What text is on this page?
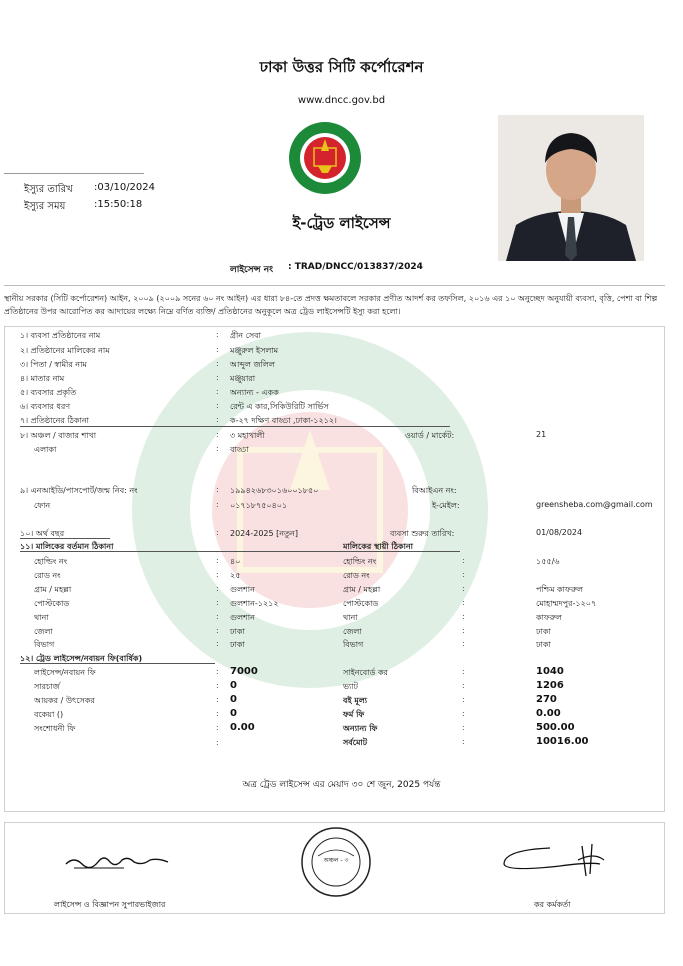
ঢাকা উত্তর সিটি কর্পোরেশন
www.dncc.gov.bd
ইস্যুর তারিখ :03/10/2024
ইস্যুর সময়	:15:50:18
ই-ট্রেড লাইসেন্স
লাইসেন্স নং : TRAD/DNCC/013837/2024
স্থানীয় সরকার (সিটি কর্পোরেশন) আইন, ২০০৯ (২০০৯ সনের ৬০ নং আইন) এর ধারা ৮৪-তে প্রদত্ত ক্ষমতাবলে সরকার প্রণীত আদর্শ কর তফসিল, ২০১৬ এর ১০ অনুচ্ছেদ অনুযায়ী ব্যবসা, বৃত্তি, পেশা বা শিল্প প্রতিষ্ঠানের উপর আরোপিত কর আদায়ের লক্ষ্যে নিম্নে বর্ণিত ব্যক্তি/ প্রতিষ্ঠানের অনুকূলে অত্র ট্রেড লাইসেন্সটি ইস্যু করা হলো।
১। ব্যবসা প্রতিষ্ঠানের নাম	: গ্রীন সেবা
২। প্রতিষ্ঠানের মালিকের নাম	: মঞ্জুরুল ইসলাম
৩। পিতা / স্বামীর নাম	: আব্দুল জলিল
৪। মাতার নাম	: মঞ্জুয়ারা
৫। ব্যবসার প্রকৃতি	: অন্যান্য - একক
৬। ব্যবসার ধরণ	: রেন্ট এ কার,সিকিউরিটি সার্ভিস
৭। প্রতিষ্ঠানের ঠিকানা	: ক-২৭ দক্ষিণ বাড্ডা ,ঢাকা-১২১২।
৮। অঞ্চল / বাজার শাখা	: ৩ মহাখালী	ওয়ার্ড / মার্কেট:	21
এলাকা	: বাড্ডা
৯। এনআইডি/পাসপোর্ট/জন্ম নিব: নং	: ১৯৯৪২৬৮৩০১৬০০১৮৫০	বিআইএন নং:
ফোন	: ০১৭১৮৭৫০৪০১	ই-মেইল:	greensheba.com@gmail.com
১০। অর্থ বছর	: 2024-2025 [নতুন]	ব্যবসা শুরুর তারিখ:	01/08/2024
১১। মালিকের বর্তমান ঠিকানা	মালিকের স্থায়ী ঠিকানা
হোল্ডিং নং	: ৪০	হোল্ডিং নং	:	১৫৫/৬
রোড নং	: ২৫	রোড নং	:
গ্রাম / মহল্লা	: গুলশান	গ্রাম / মহল্লা	:	পশ্চিম কাফরুল
পোস্টকোড	: গুলশান-১২১২	পোস্টকোড	:	মোহাম্মদপুর-১২০৭
থানা	: গুলশান	থানা	:	কাফরুল
জেলা	: ঢাকা	জেলা	:	ঢাকা
বিভাগ	: ঢাকা	বিভাগ	:	ঢাকা
১২। ট্রেড লাইসেন্স/নবায়ন ফি(বার্ষিক)
লাইসেন্স/নবায়ন ফি	: 7000	সাইনবোর্ড কর	:	1040
সারচার্জ	: 0	ভ্যাট	:	1206
আয়কর / উৎসেকর	: 0	বই মূল্য	:	270
বকেয়া ()	: 0	ফর্ম ফি	:	0.00
সংশোধনী ফি	: 0.00	অন্যান্য ফি	:	500.00
:	সর্বমোট	:	10016.00
অত্র ট্রেড লাইসেন্স এর মেয়াদ ৩০ শে জুন, 2025 পর্যন্ত
লাইসেন্স ও বিজ্ঞাপন সুপারভাইজার
অঞ্চল - ৩
কর কর্মকর্তা
